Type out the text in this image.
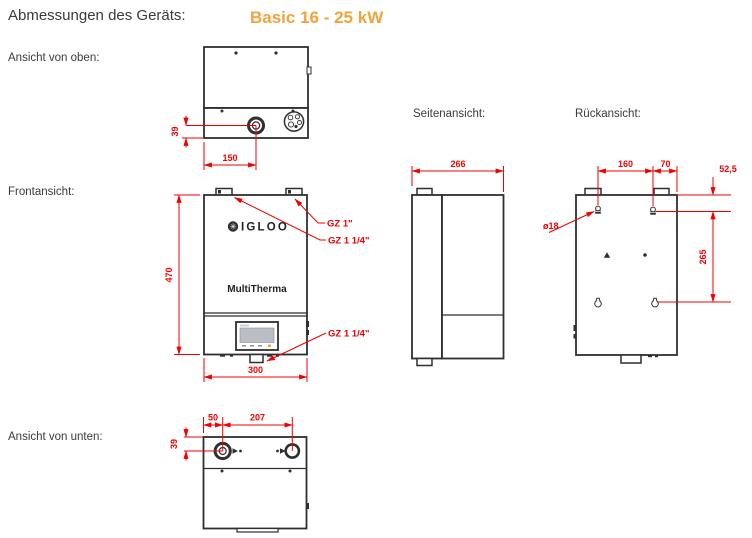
Abmessungen des Geräts:	Basic 16 - 25 kW
Ansicht von oben:
Frontansicht:
Seitenansicht:	Rückansicht:
Ansicht von unten:
150
39
✳ IGLOO
MultiTherma
470
300
GZ 1"
GZ 1 1/4"
GZ 1 1/4"
266	160	70	52,5
265
ø18
50	207
39
